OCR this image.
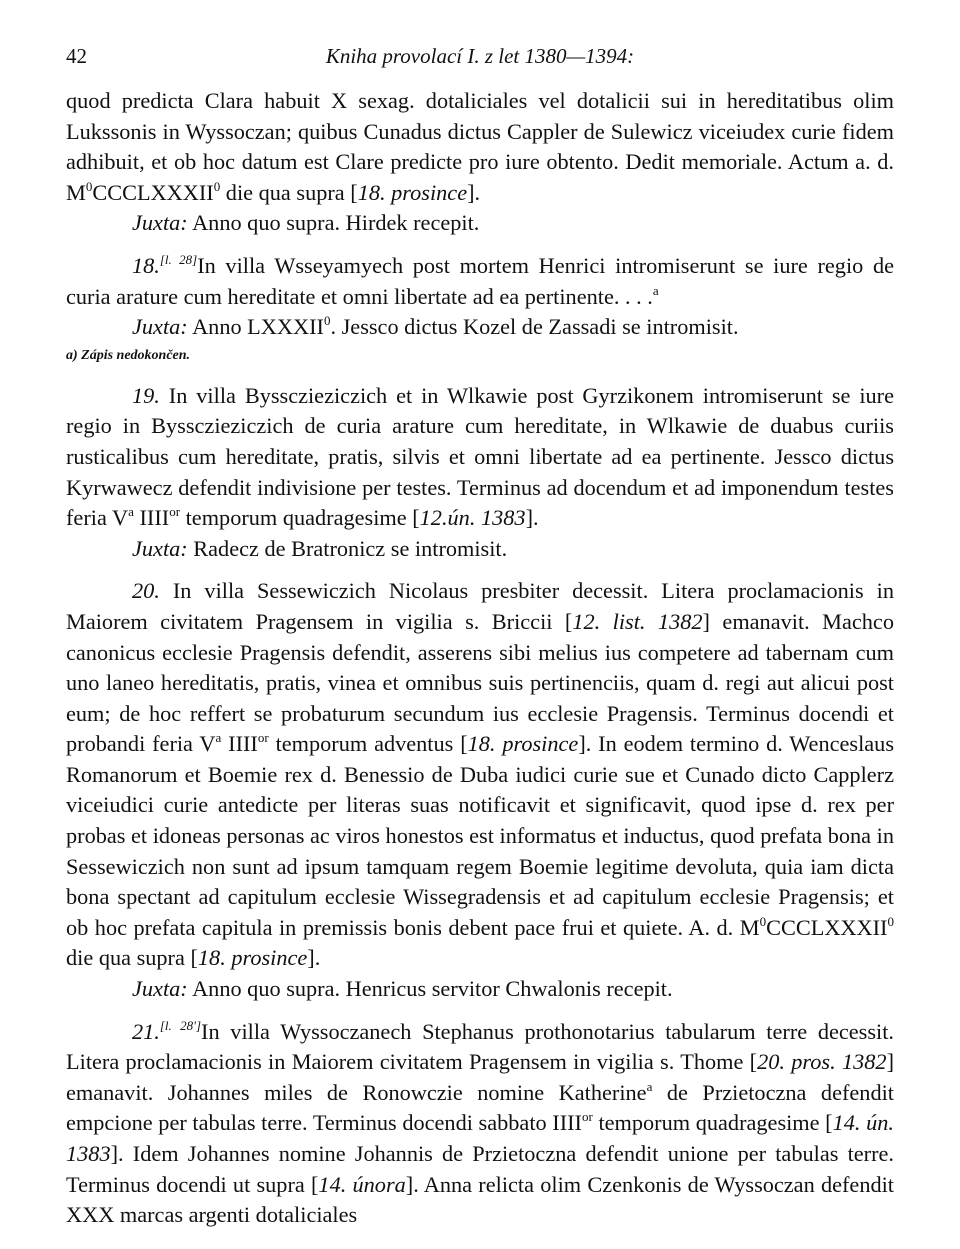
42	Kniha provolací I. z let 1380—1394:

quod predicta Clara habuit X sexag. dotaliciales vel dotalicii sui in hereditatibus olim Lukssonis in Wyssoczan; quibus Cunadus dictus Cappler de Sulewicz viceiudex curie fidem adhibuit, et ob hoc datum est Clare predicte pro iure obtento. Dedit memoriale. Actum a. d. $M^0CCCLXXXII^0$ die qua supra [18. prosince].

Juxta: Anno quo supra. Hirdek recepit.

18.[l. 28]In villa Wsseyamyech post mortem Henrici intromiserunt se iure regio de curia arature cum hereditate et omni libertate ad ea pertinente. . . .$^a$

Juxta: Anno LXXXII$^0$. Jessco dictus Kozel de Zassadi se intromisit.

a) Zápis nedokončen.

19. In villa Byssczieziczich et in Wlkawie post Gyrzikonem intromiserunt se iure regio in Byssczieziczich de curia arature cum hereditate, in Wlkawie de duabus curiis rusticalibus cum hereditate, pratis, silvis et omni libertate ad ea pertinente. Jessco dictus Kyrwawecz defendit indivisione per testes. Terminus ad docendum et ad imponendum testes feria $V^a$ $IIII^{or}$ temporum quadragesime [12.ún. 1383].

Juxta: Radecz de Bratronicz se intromisit.

20. In villa Sessewiczich Nicolaus presbiter decessit. Litera proclamacionis in Maiorem civitatem Pragensem in vigilia s. Briccii [12. list. 1382] emanavit. Machco canonicus ecclesie Pragensis defendit, asserens sibi melius ius competere ad tabernam cum uno laneo hereditatis, pratis, vinea et omnibus suis pertinenciis, quam d. regi aut alicui post eum; de hoc reffert se probaturum secundum ius ecclesie Pragensis. Terminus docendi et probandi feria $V^a$ $IIII^{or}$ temporum adventus [18. prosince]. In eodem termino d. Wenceslaus Romanorum et Boemie rex d. Benessio de Duba iudici curie sue et Cunado dicto Capplerz viceiudici curie antedicte per literas suas notificavit et significavit, quod ipse d. rex per probas et idoneas personas ac viros honestos est informatus et inductus, quod prefata bona in Sessewiczich non sunt ad ipsum tamquam regem Boemie legitime devoluta, quia iam dicta bona spectant ad capitulum ecclesie Wissegradensis et ad capitulum ecclesie Pragensis; et ob hoc prefata capitula in premissis bonis debent pace frui et quiete. A. d. $M^0CCCLXXXII^0$ die qua supra [18. prosince].

Juxta: Anno quo supra. Henricus servitor Chwalonis recepit.

21.[l. 28']In villa Wyssoczanech Stephanus prothonotarius tabularum terre decessit. Litera proclamacionis in Maiorem civitatem Pragensem in vigilia s. Thome [20. pros. 1382] emanavit. Johannes miles de Ronowczie nomine Katherine$^a$ de Przietoczna defendit empcione per tabulas terre. Terminus docendi sabbato $IIII^{or}$ temporum quadragesime [14. ún. 1383]. Idem Johannes nomine Johannis de Przietoczna defendit unione per tabulas terre. Terminus docendi ut supra [14. února]. Anna relicta olim Czenkonis de Wyssoczan defendit XXX marcas argenti dotaliciales
